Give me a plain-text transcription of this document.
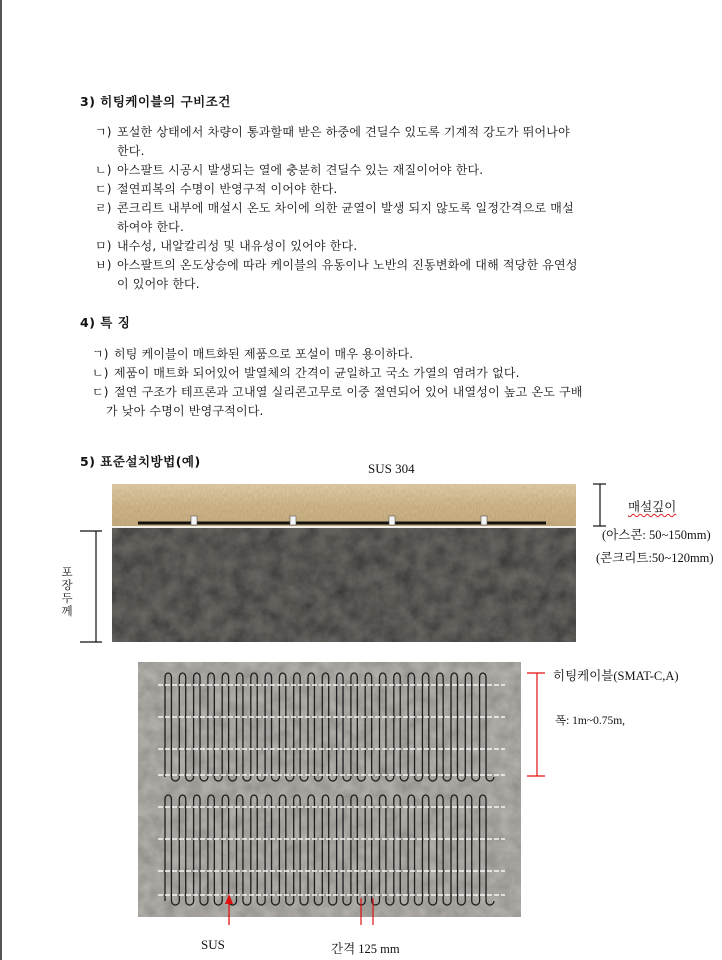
3) 히팅케이블의 구비조건
ㄱ) 포설한 상태에서 차량이 통과할때 받은 하중에 견딜수 있도록 기계적 강도가 뛰어나야
한다.
ㄴ) 아스팔트 시공시 발생되는 열에 충분히 견딜수 있는 재질이어야 한다.
ㄷ) 절연피복의 수명이 반영구적 이어야 한다.
ㄹ) 콘크리트 내부에 매설시 온도 차이에 의한 균열이 발생 되지 않도록 일정간격으로 매설
하여야 한다.
ㅁ) 내수성, 내알칼리성 및 내유성이 있어야 한다.
ㅂ) 아스팔트의 온도상승에 따라 케이블의 유동이나 노반의 진동변화에 대해 적당한 유연성
이 있어야 한다.
4) 특 징
ㄱ) 히팅 케이블이 매트화된 제품으로 포설이 매우 용이하다.
ㄴ) 제품이 매트화 되어있어 발열체의 간격이 균일하고 국소 가열의 염려가 없다.
ㄷ) 절연 구조가 테프론과 고내열 실리콘고무로 이중 절연되어 있어 내열성이 높고 온도 구배
가 낮아 수명이 반영구적이다.
5) 표준설치방법(예)	SUS 304
매설깊이
(아스콘: 50~150mm)
(콘크리트:50~120mm)
포장두께
히팅케이블(SMAT-C,A)
폭: 1m~0.75m,
SUS	간격 125 mm
